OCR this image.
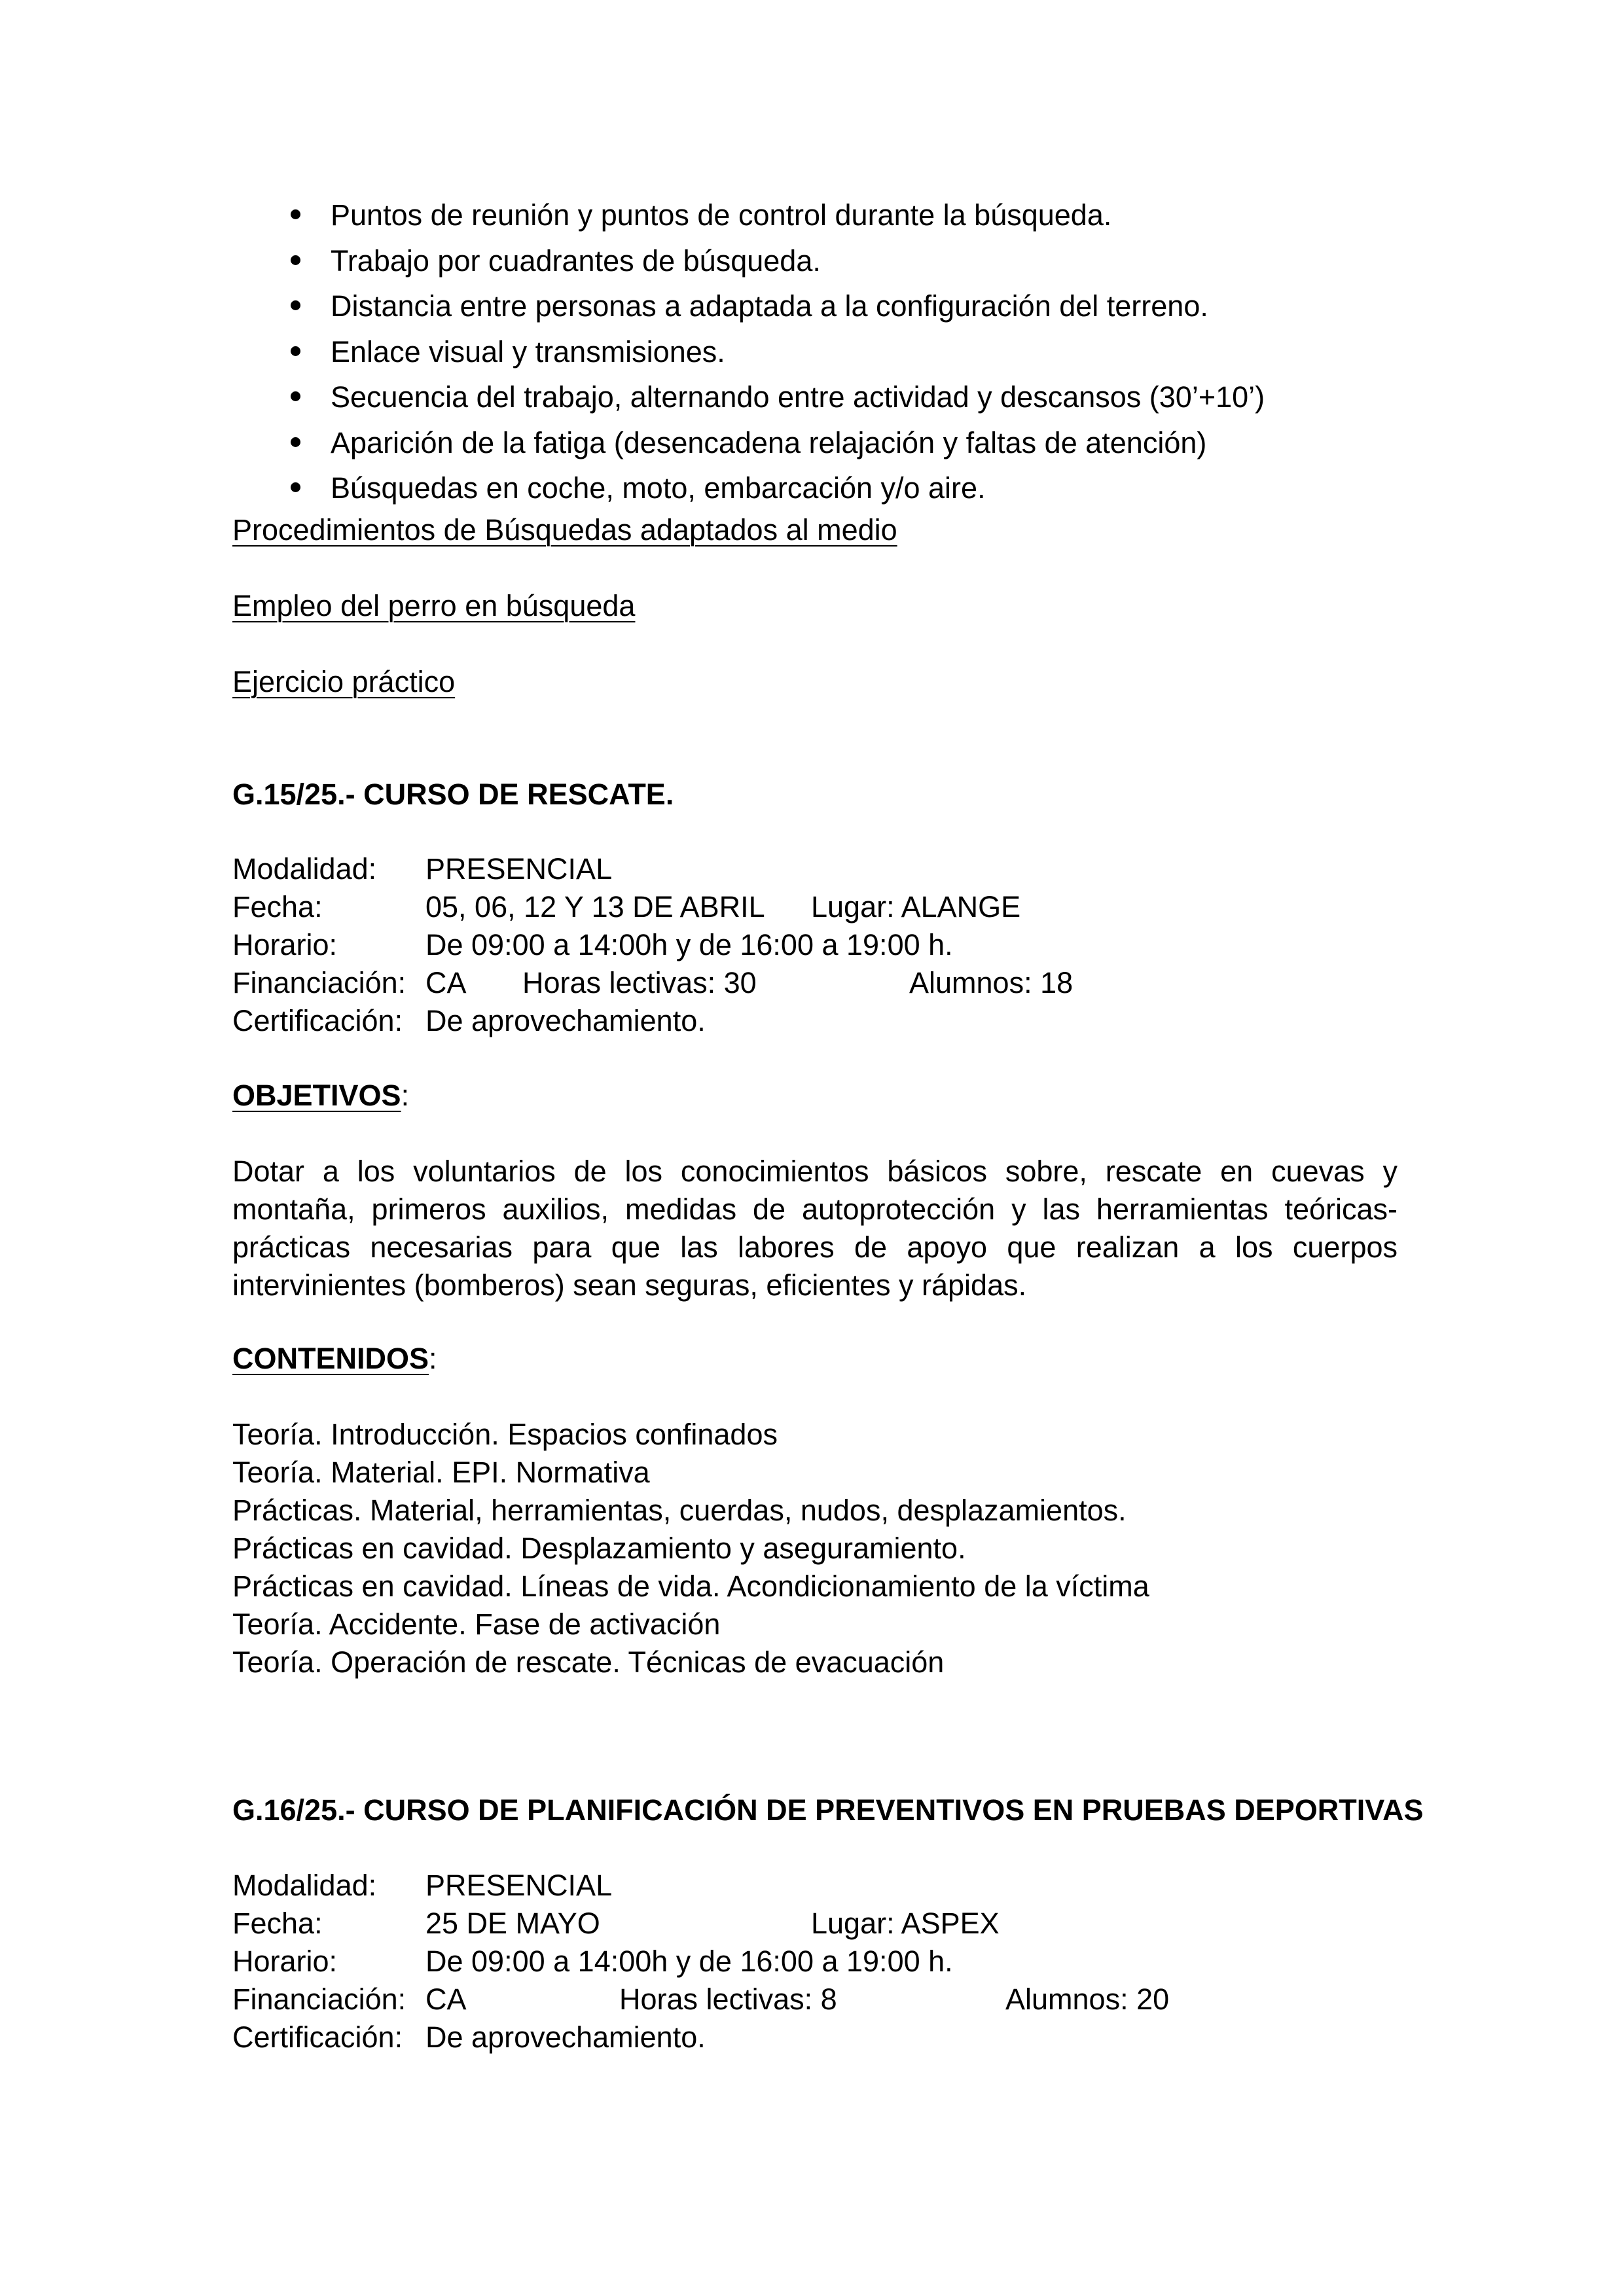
Puntos de reunión y puntos de control durante la búsqueda.
Trabajo por cuadrantes de búsqueda.
Distancia entre personas a adaptada a la configuración del terreno.
Enlace visual y transmisiones.
Secuencia del trabajo, alternando entre actividad y descansos (30’+10’)
Aparición de la fatiga (desencadena relajación y faltas de atención)
Búsquedas en coche, moto, embarcación y/o aire.
Procedimientos de Búsquedas adaptados al medio
Empleo del perro en búsqueda
Ejercicio práctico
G.15/25.- CURSO DE RESCATE.
Modalidad: PRESENCIAL
Fecha:	05, 06, 12 Y 13 DE ABRIL Lugar: ALANGE
Horario:	De 09:00 a 14:00h y de 16:00 a 19:00 h.
Financiación: CA Horas lectivas: 30	Alumnos: 18
Certificación: De aprovechamiento.
OBJETIVOS:
Dotar a los voluntarios de los conocimientos básicos sobre, rescate en cuevas y montaña, primeros auxilios, medidas de autoprotección y las herramientas teóricas-prácticas necesarias para que las labores de apoyo que realizan a los cuerpos intervinientes (bomberos) sean seguras, eficientes y rápidas.
CONTENIDOS:
Teoría. Introducción. Espacios confinados
Teoría. Material. EPI. Normativa
Prácticas. Material, herramientas, cuerdas, nudos, desplazamientos.
Prácticas en cavidad. Desplazamiento y aseguramiento.
Prácticas en cavidad. Líneas de vida. Acondicionamiento de la víctima
Teoría. Accidente. Fase de activación
Teoría. Operación de rescate. Técnicas de evacuación
G.16/25.- CURSO DE PLANIFICACIÓN DE PREVENTIVOS EN PRUEBAS DEPORTIVAS
Modalidad: PRESENCIAL
Fecha:	25 DE MAYO	Lugar: ASPEX
Horario:	De 09:00 a 14:00h y de 16:00 a 19:00 h.
Financiación: CA	Horas lectivas: 8	Alumnos: 20
Certificación: De aprovechamiento.
